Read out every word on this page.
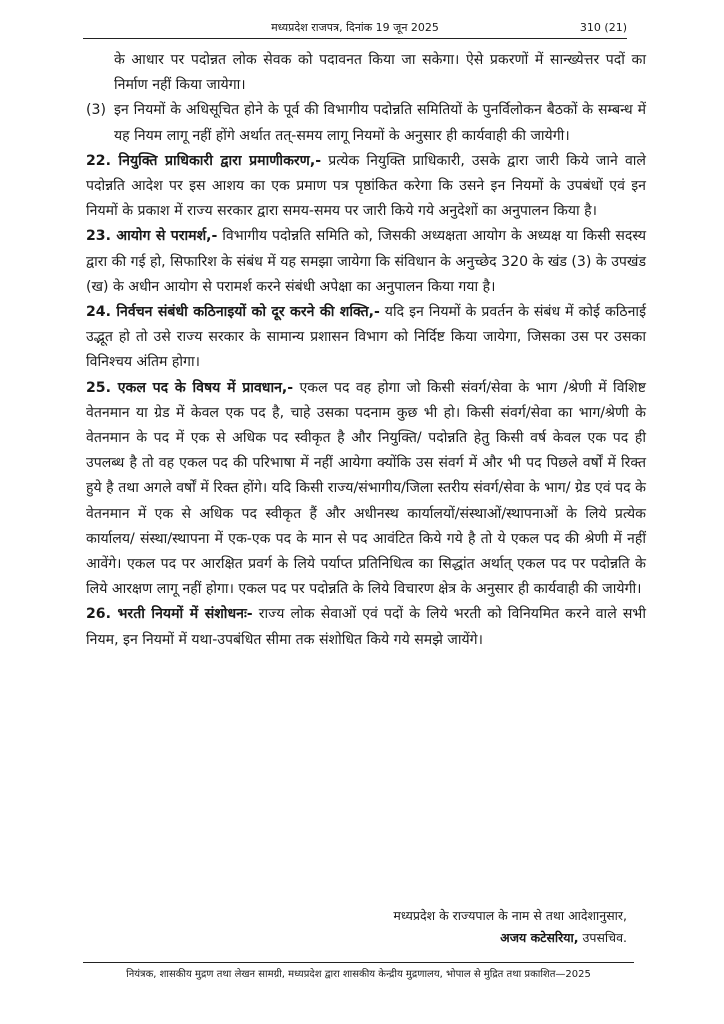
मध्यप्रदेश राजपत्र, दिनांक 19 जून 2025	310 (21)

के आधार पर पदोन्नत लोक सेवक को पदावनत किया जा सकेगा। ऐसे प्रकरणों में सान्ख्येत्तर पदों का निर्माण नहीं किया जायेगा।

(3) इन नियमों के अधिसूचित होने के पूर्व की विभागीय पदोन्नति समितियों के पुनर्विलोकन बैठकों के सम्बन्ध में यह नियम लागू नहीं होंगे अर्थात तत्-समय लागू नियमों के अनुसार ही कार्यवाही की जायेगी।

22. नियुक्ति प्राधिकारी द्वारा प्रमाणीकरण,- प्रत्येक नियुक्ति प्राधिकारी, उसके द्वारा जारी किये जाने वाले पदोन्नति आदेश पर इस आशय का एक प्रमाण पत्र पृष्ठांकित करेगा कि उसने इन नियमों के उपबंधों एवं इन नियमों के प्रकाश में राज्य सरकार द्वारा समय-समय पर जारी किये गये अनुदेशों का अनुपालन किया है।

23. आयोग से परामर्श,- विभागीय पदोन्नति समिति को, जिसकी अध्यक्षता आयोग के अध्यक्ष या किसी सदस्य द्वारा की गई हो, सिफारिश के संबंध में यह समझा जायेगा कि संविधान के अनुच्छेद 320 के खंड (3) के उपखंड (ख) के अधीन आयोग से परामर्श करने संबंधी अपेक्षा का अनुपालन किया गया है।

24. निर्वचन संबंधी कठिनाइयों को दूर करने की शक्ति,- यदि इन नियमों के प्रवर्तन के संबंध में कोई कठिनाई उद्भूत हो तो उसे राज्य सरकार के सामान्य प्रशासन विभाग को निर्दिष्ट किया जायेगा, जिसका उस पर उसका विनिश्चय अंतिम होगा।

25. एकल पद के विषय में प्रावधान,- एकल पद वह होगा जो किसी संवर्ग/सेवा के भाग /श्रेणी में विशिष्ट वेतनमान या ग्रेड में केवल एक पद है, चाहे उसका पदनाम कुछ भी हो। किसी संवर्ग/सेवा का भाग/श्रेणी के वेतनमान के पद में एक से अधिक पद स्वीकृत है और नियुक्ति/ पदोन्नति हेतु किसी वर्ष केवल एक पद ही उपलब्ध है तो वह एकल पद की परिभाषा में नहीं आयेगा क्योंकि उस संवर्ग में और भी पद पिछले वर्षों में रिक्त हुये है तथा अगले वर्षों में रिक्त होंगे। यदि किसी राज्य/संभागीय/जिला स्तरीय संवर्ग/सेवा के भाग/ ग्रेड एवं पद के वेतनमान में एक से अधिक पद स्वीकृत हैं और अधीनस्थ कार्यालयों/संस्थाओं/स्थापनाओं के लिये प्रत्येक कार्यालय/ संस्था/स्थापना में एक-एक पद के मान से पद आवंटित किये गये है तो ये एकल पद की श्रेणी में नहीं आवेंगे। एकल पद पर आरक्षित प्रवर्ग के लिये पर्याप्त प्रतिनिधित्व का सिद्धांत अर्थात् एकल पद पर पदोन्नति के लिये आरक्षण लागू नहीं होगा। एकल पद पर पदोन्नति के लिये विचारण क्षेत्र के अनुसार ही कार्यवाही की जायेगी।

26. भरती नियमों में संशोधनः- राज्य लोक सेवाओं एवं पदों के लिये भरती को विनियमित करने वाले सभी नियम, इन नियमों में यथा-उपबंधित सीमा तक संशोधित किये गये समझे जायेंगे।

मध्यप्रदेश के राज्यपाल के नाम से तथा आदेशानुसार,
अजय कटेसरिया, उपसचिव.
नियंत्रक, शासकीय मुद्रण तथा लेखन सामग्री, मध्यप्रदेश द्वारा शासकीय केन्द्रीय मुद्रणालय, भोपाल से मुद्रित तथा प्रकाशित—2025
